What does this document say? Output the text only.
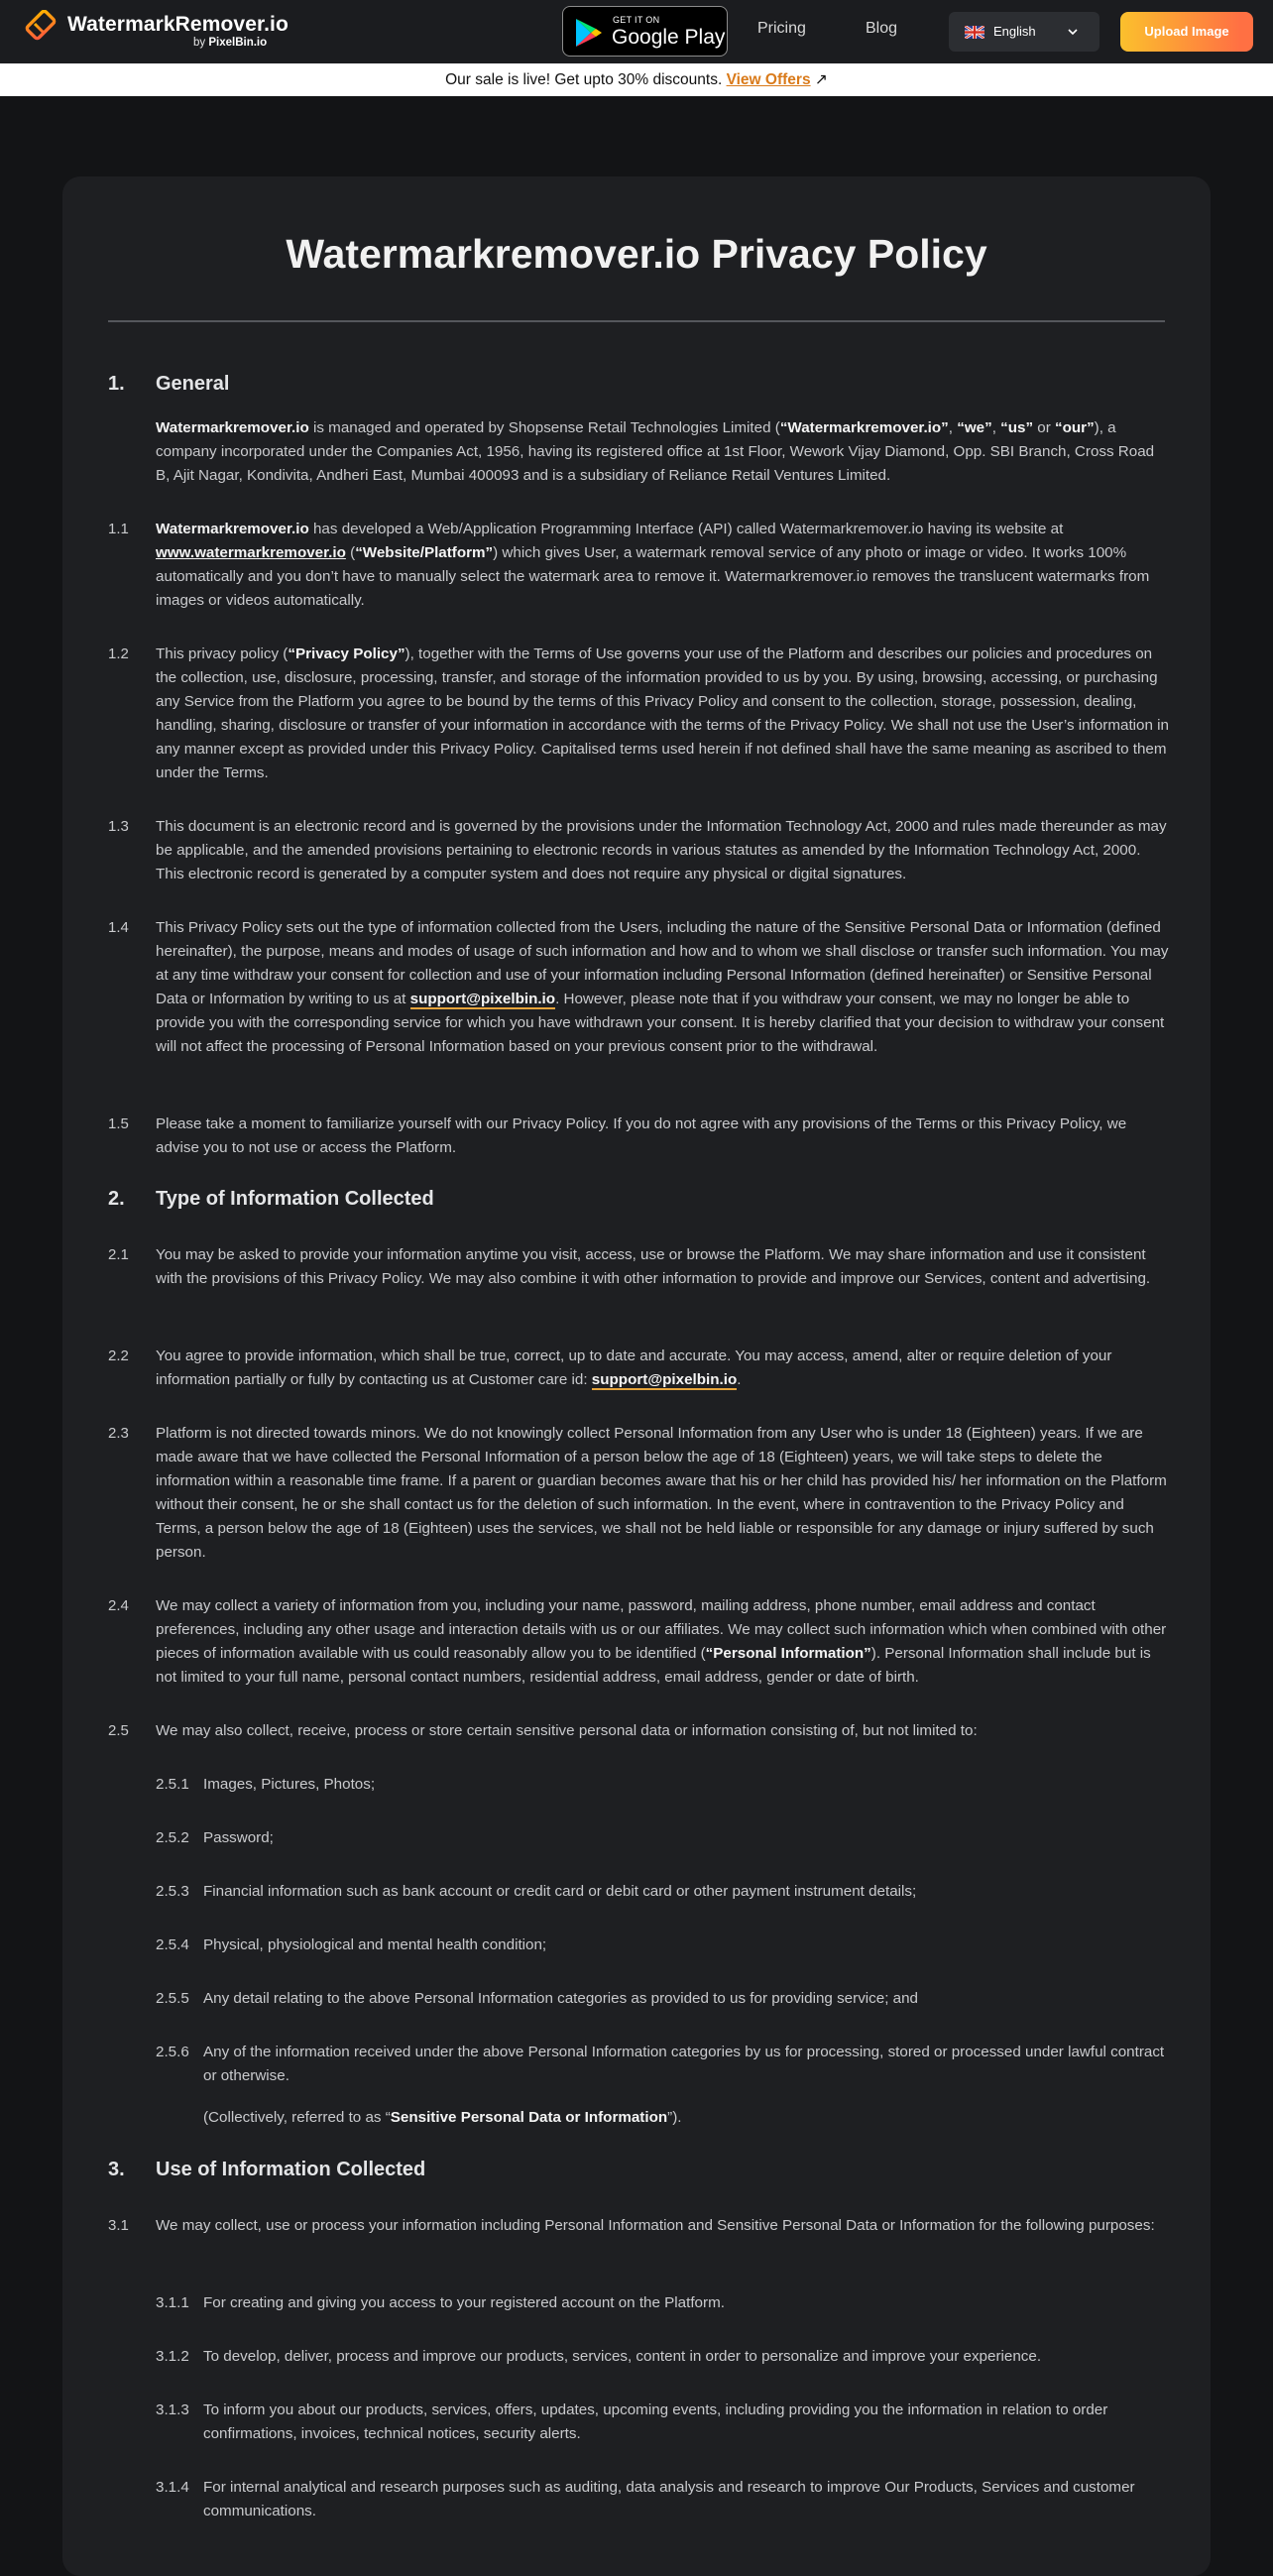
WatermarkRemover.io
by PixelBin.io
GET IT ON
Google Play Pricing	Blog	English	Upload Image
Our sale is live! Get upto 30% discounts. View Offers ↗
Watermarkremover.io Privacy Policy
1. General
Watermarkremover.io is managed and operated by Shopsense Retail Technologies Limited (“Watermarkremover.io”, “we”, “us” or “our”), a company incorporated under the Companies Act, 1956, having its registered office at 1st Floor, Wework Vijay Diamond, Opp. SBI Branch, Cross Road B, Ajit Nagar, Kondivita, Andheri East, Mumbai 400093 and is a subsidiary of Reliance Retail Ventures Limited.
1.1 Watermarkremover.io has developed a Web/Application Programming Interface (API) called Watermarkremover.io having its website at www.watermarkremover.io (“Website/Platform”) which gives User, a watermark removal service of any photo or image or video. It works 100% automatically and you don’t have to manually select the watermark area to remove it. Watermarkremover.io removes the translucent watermarks from images or videos automatically.
1.2 This privacy policy (“Privacy Policy”), together with the Terms of Use governs your use of the Platform and describes our policies and procedures on the collection, use, disclosure, processing, transfer, and storage of the information provided to us by you. By using, browsing, accessing, or purchasing any Service from the Platform you agree to be bound by the terms of this Privacy Policy and consent to the collection, storage, possession, dealing, handling, sharing, disclosure or transfer of your information in accordance with the terms of the Privacy Policy. We shall not use the User’s information in any manner except as provided under this Privacy Policy. Capitalised terms used herein if not defined shall have the same meaning as ascribed to them under the Terms.
1.3 This document is an electronic record and is governed by the provisions under the Information Technology Act, 2000 and rules made thereunder as may be applicable, and the amended provisions pertaining to electronic records in various statutes as amended by the Information Technology Act, 2000. This electronic record is generated by a computer system and does not require any physical or digital signatures.
1.4 This Privacy Policy sets out the type of information collected from the Users, including the nature of the Sensitive Personal Data or Information (defined hereinafter), the purpose, means and modes of usage of such information and how and to whom we shall disclose or transfer such information. You may at any time withdraw your consent for collection and use of your information including Personal Information (defined hereinafter) or Sensitive Personal Data or Information by writing to us at support@pixelbin.io. However, please note that if you withdraw your consent, we may no longer be able to provide you with the corresponding service for which you have withdrawn your consent. It is hereby clarified that your decision to withdraw your consent will not affect the processing of Personal Information based on your previous consent prior to the withdrawal.
1.5 Please take a moment to familiarize yourself with our Privacy Policy. If you do not agree with any provisions of the Terms or this Privacy Policy, we advise you to not use or access the Platform.
2. Type of Information Collected
2.1 You may be asked to provide your information anytime you visit, access, use or browse the Platform. We may share information and use it consistent with the provisions of this Privacy Policy. We may also combine it with other information to provide and improve our Services, content and advertising.
2.2 You agree to provide information, which shall be true, correct, up to date and accurate. You may access, amend, alter or require deletion of your information partially or fully by contacting us at Customer care id: support@pixelbin.io.
2.3 Platform is not directed towards minors. We do not knowingly collect Personal Information from any User who is under 18 (Eighteen) years. If we are made aware that we have collected the Personal Information of a person below the age of 18 (Eighteen) years, we will take steps to delete the information within a reasonable time frame. If a parent or guardian becomes aware that his or her child has provided his/ her information on the Platform without their consent, he or she shall contact us for the deletion of such information. In the event, where in contravention to the Privacy Policy and Terms, a person below the age of 18 (Eighteen) uses the services, we shall not be held liable or responsible for any damage or injury suffered by such person.
2.4 We may collect a variety of information from you, including your name, password, mailing address, phone number, email address and contact preferences, including any other usage and interaction details with us or our affiliates. We may collect such information which when combined with other pieces of information available with us could reasonably allow you to be identified (“Personal Information”). Personal Information shall include but is not limited to your full name, personal contact numbers, residential address, email address, gender or date of birth.
2.5 We may also collect, receive, process or store certain sensitive personal data or information consisting of, but not limited to:
2.5.1 Images, Pictures, Photos;
2.5.2 Password;
2.5.3 Financial information such as bank account or credit card or debit card or other payment instrument details;
2.5.4 Physical, physiological and mental health condition;
2.5.5 Any detail relating to the above Personal Information categories as provided to us for providing service; and
2.5.6 Any of the information received under the above Personal Information categories by us for processing, stored or processed under lawful contract or otherwise.
(Collectively, referred to as “Sensitive Personal Data or Information”).
3. Use of Information Collected
3.1 We may collect, use or process your information including Personal Information and Sensitive Personal Data or Information for the following purposes:
3.1.1 For creating and giving you access to your registered account on the Platform.
3.1.2 To develop, deliver, process and improve our products, services, content in order to personalize and improve your experience.
3.1.3 To inform you about our products, services, offers, updates, upcoming events, including providing you the information in relation to order confirmations, invoices, technical notices, security alerts.
3.1.4 For internal analytical and research purposes such as auditing, data analysis and research to improve Our Products, Services and customer communications.
